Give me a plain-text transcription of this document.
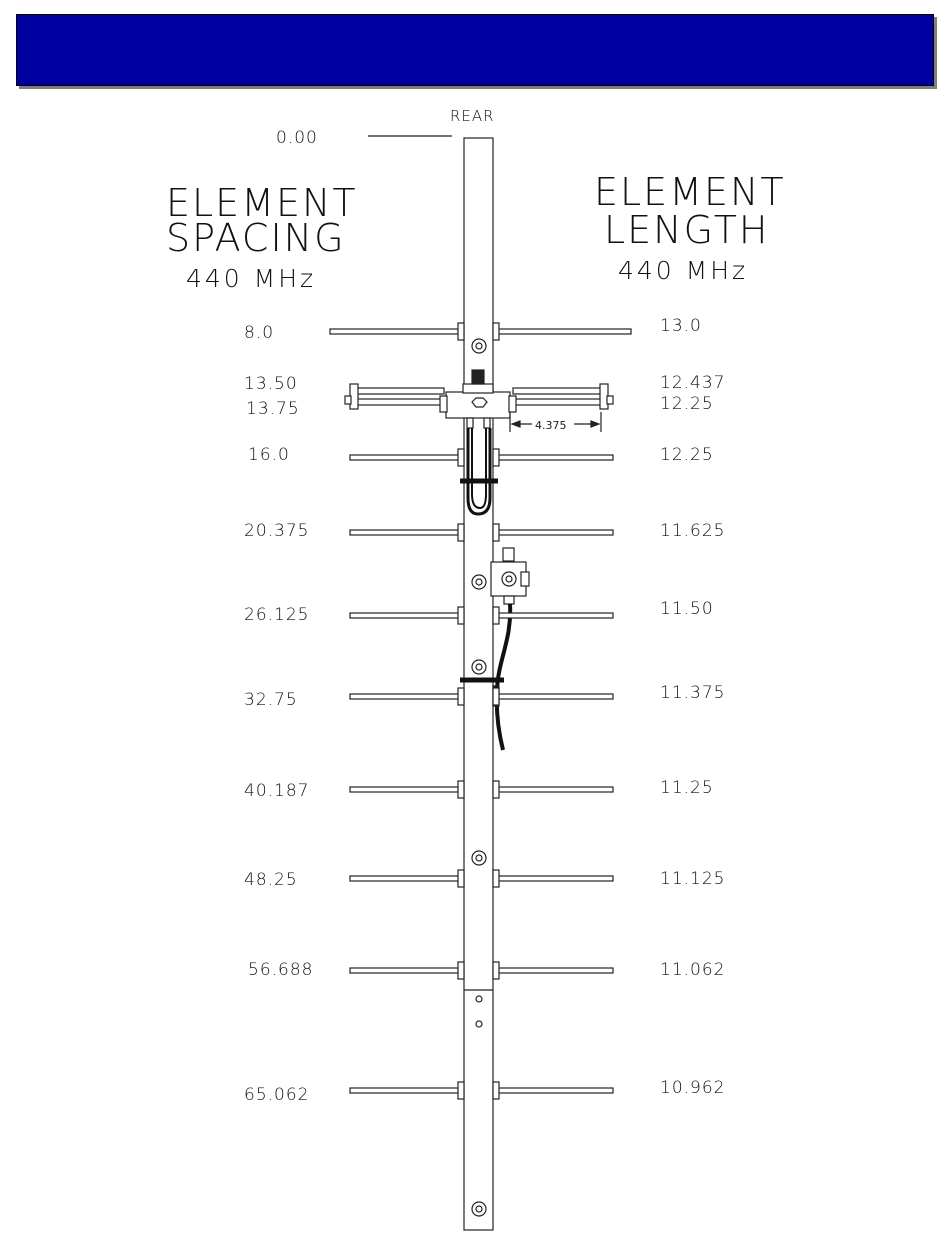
4.375
REAR
0.00
ELEMENT
SPACING
440 MHz
ELEMENT
LENGTH
440 MHz
8.0
13.50
13.75
16.0
20.375
26.125
32.75
40.187
48.25
56.688
65.062
13.0
12.437
12.25
12.25
11.625
11.50
11.375
11.25
11.125
11.062
10.962
